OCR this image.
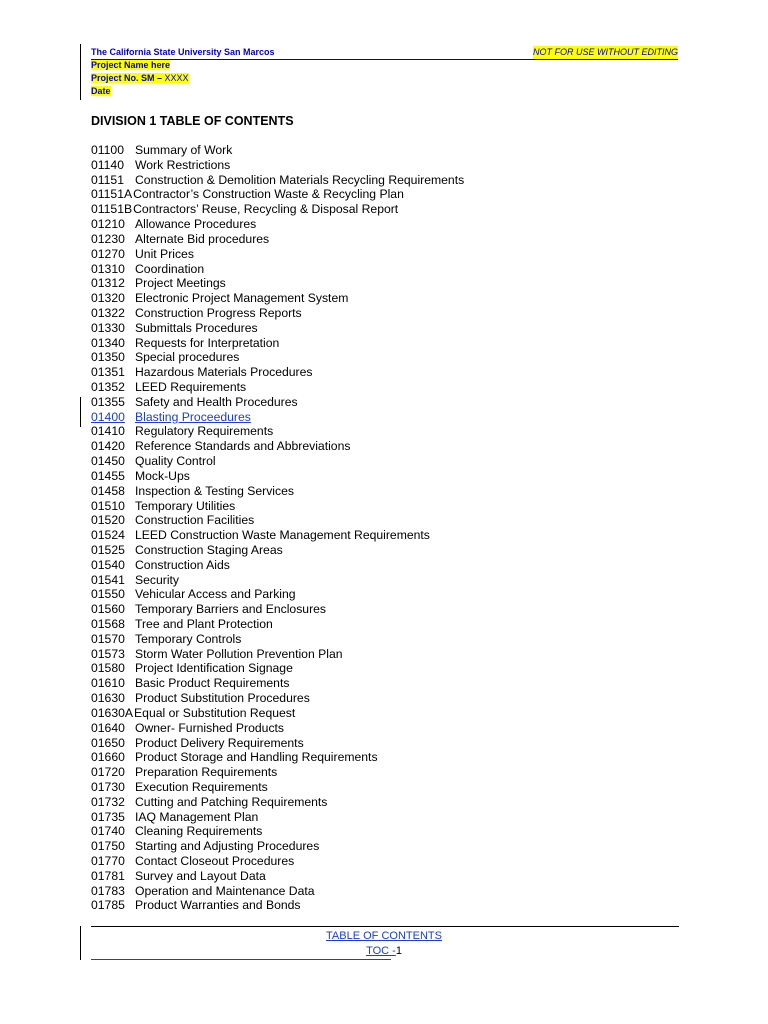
The California State University San Marcos	NOT FOR USE WITHOUT EDITING
Project Name here
Project No. SM – XXXX
Date
DIVISION 1 TABLE OF CONTENTS
01100 Summary of Work
01140 Work Restrictions
01151 Construction & Demolition Materials Recycling Requirements
01151AContractor’s Construction Waste & Recycling Plan
01151BContractors’ Reuse, Recycling & Disposal Report
01210 Allowance Procedures
01230 Alternate Bid procedures
01270 Unit Prices
01310 Coordination
01312 Project Meetings
01320 Electronic Project Management System
01322 Construction Progress Reports
01330 Submittals Procedures
01340 Requests for Interpretation
01350 Special procedures
01351 Hazardous Materials Procedures
01352 LEED Requirements
01355 Safety and Health Procedures
01400 Blasting Proceedures
01410 Regulatory Requirements
01420 Reference Standards and Abbreviations
01450 Quality Control
01455 Mock-Ups
01458 Inspection & Testing Services
01510 Temporary Utilities
01520 Construction Facilities
01524 LEED Construction Waste Management Requirements
01525 Construction Staging Areas
01540 Construction Aids
01541 Security
01550 Vehicular Access and Parking
01560 Temporary Barriers and Enclosures
01568 Tree and Plant Protection
01570 Temporary Controls
01573 Storm Water Pollution Prevention Plan
01580 Project Identification Signage
01610 Basic Product Requirements
01630 Product Substitution Procedures
01630AEqual or Substitution Request
01640 Owner- Furnished Products
01650 Product Delivery Requirements
01660 Product Storage and Handling Requirements
01720 Preparation Requirements
01730 Execution Requirements
01732 Cutting and Patching Requirements
01735 IAQ Management Plan
01740 Cleaning Requirements
01750 Starting and Adjusting Procedures
01770 Contact Closeout Procedures
01781 Survey and Layout Data
01783 Operation and Maintenance Data
01785 Product Warranties and Bonds
TABLE OF CONTENTS
TOC -1
